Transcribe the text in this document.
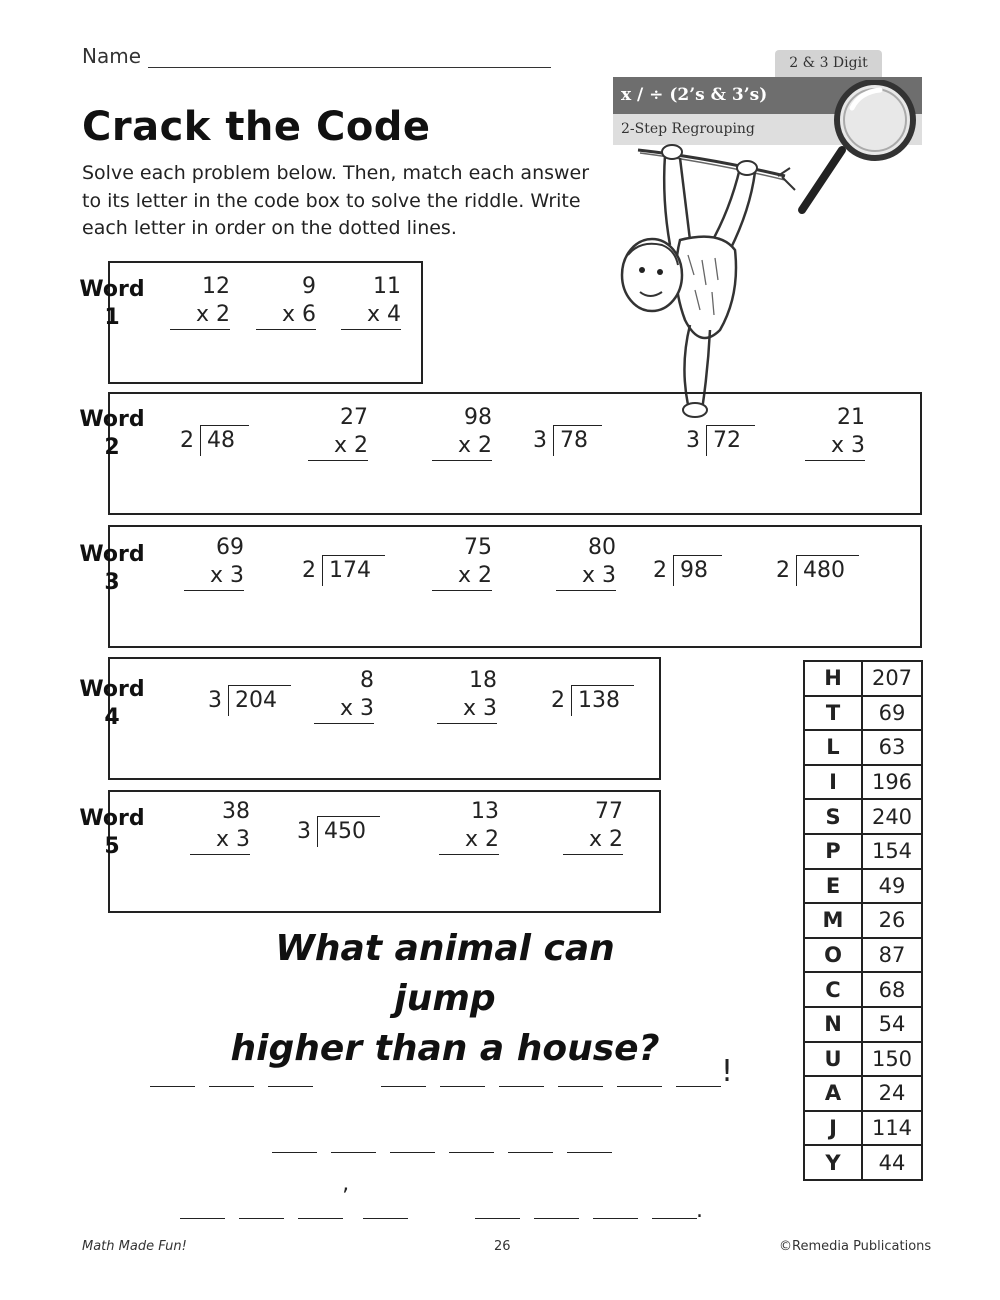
Name
Crack the Code
Solve each problem below. Then, match each answer to its letter in the code box to solve the riddle. Write each letter in order on the dotted lines.
2 & 3 Digit
x / ÷ (2’s & 3’s)
2-Step Regrouping
Word
1
12
x 2
9
x 6
11
x 4
Word
2	2 48
27
x 2
98
x 2 3 78	3 72
21
x 3
Word
3
69
x 3	2 174
75
x 2
80
x 3 2 98	2 480
Word
4
3 204
8
x 3
18
x 3 2 138
Word
5
38
x 3 3 450
13
x 2
77
x 2
What animal can jump
higher than a house?
!
’
.
H	207
T	69
L	63
I	196
S	240
P	154
E	49
M	26
O	87
C	68
N	54
U	150
A	24
J	114
Y	44
Math Made Fun!	26	©Remedia Publications
